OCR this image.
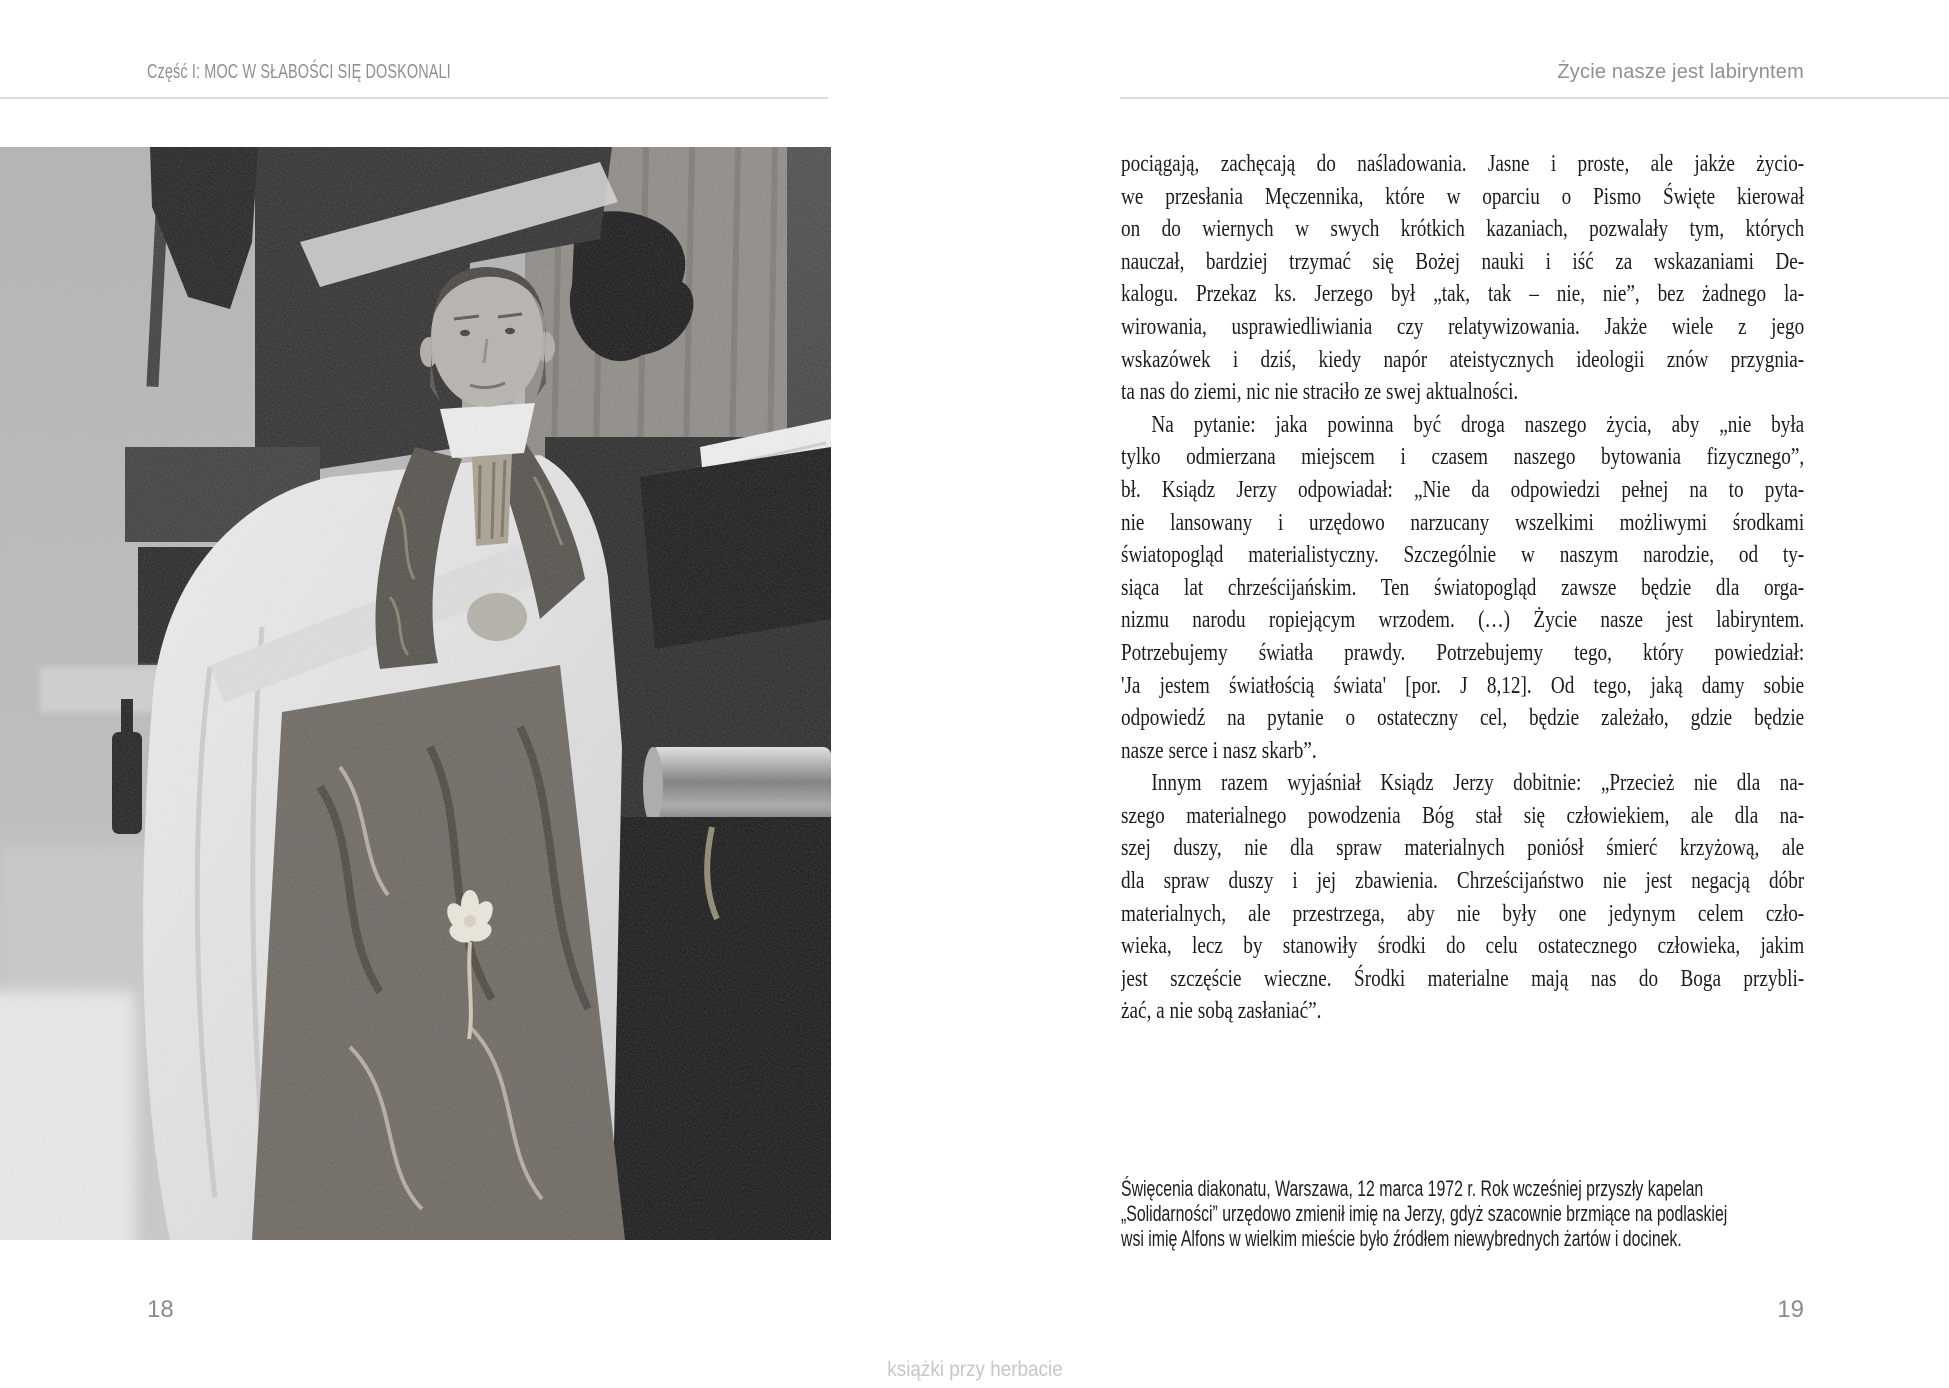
Część I: MOC W SŁABOŚCI SIĘ DOSKONALI	Życie nasze jest labiryntem
pociągają, zachęcają do naśladowania. Jasne i proste, ale jakże życio-
we przesłania Męczennika, które w oparciu o Pismo Święte kierował
on do wiernych w swych krótkich kazaniach, pozwalały tym, których
nauczał, bardziej trzymać się Bożej nauki i iść za wskazaniami De-
kalogu. Przekaz ks. Jerzego był „tak, tak – nie, nie”, bez żadnego la-
wirowania, usprawiedliwiania czy relatywizowania. Jakże wiele z jego
wskazówek i dziś, kiedy napór ateistycznych ideologii znów przygnia-
ta nas do ziemi, nic nie straciło ze swej aktualności.
Na pytanie: jaka powinna być droga naszego życia, aby „nie była
tylko odmierzana miejscem i czasem naszego bytowania fizycznego”,
bł. Ksiądz Jerzy odpowiadał: „Nie da odpowiedzi pełnej na to pyta-
nie lansowany i urzędowo narzucany wszelkimi możliwymi środkami
światopogląd materialistyczny. Szczególnie w naszym narodzie, od ty-
siąca lat chrześcijańskim. Ten światopogląd zawsze będzie dla orga-
nizmu narodu ropiejącym wrzodem. (…) Życie nasze jest labiryntem.
Potrzebujemy światła prawdy. Potrzebujemy tego, który powiedział:
'Ja jestem światłością świata' [por. J 8,12]. Od tego, jaką damy sobie
odpowiedź na pytanie o ostateczny cel, będzie zależało, gdzie będzie
nasze serce i nasz skarb”.
Innym razem wyjaśniał Ksiądz Jerzy dobitnie: „Przecież nie dla na-
szego materialnego powodzenia Bóg stał się człowiekiem, ale dla na-
szej duszy, nie dla spraw materialnych poniósł śmierć krzyżową, ale
dla spraw duszy i jej zbawienia. Chrześcijaństwo nie jest negacją dóbr
materialnych, ale przestrzega, aby nie były one jedynym celem czło-
wieka, lecz by stanowiły środki do celu ostatecznego człowieka, jakim
jest szczęście wieczne. Środki materialne mają nas do Boga przybli-
żać, a nie sobą zasłaniać”.
Święcenia diakonatu, Warszawa, 12 marca 1972 r. Rok wcześniej przyszły kapelan
„Solidarności” urzędowo zmienił imię na Jerzy, gdyż szacownie brzmiące na podlaskiej
wsi imię Alfons w wielkim mieście było źródłem niewybrednych żartów i docinek.
18	19
książki przy herbacie
